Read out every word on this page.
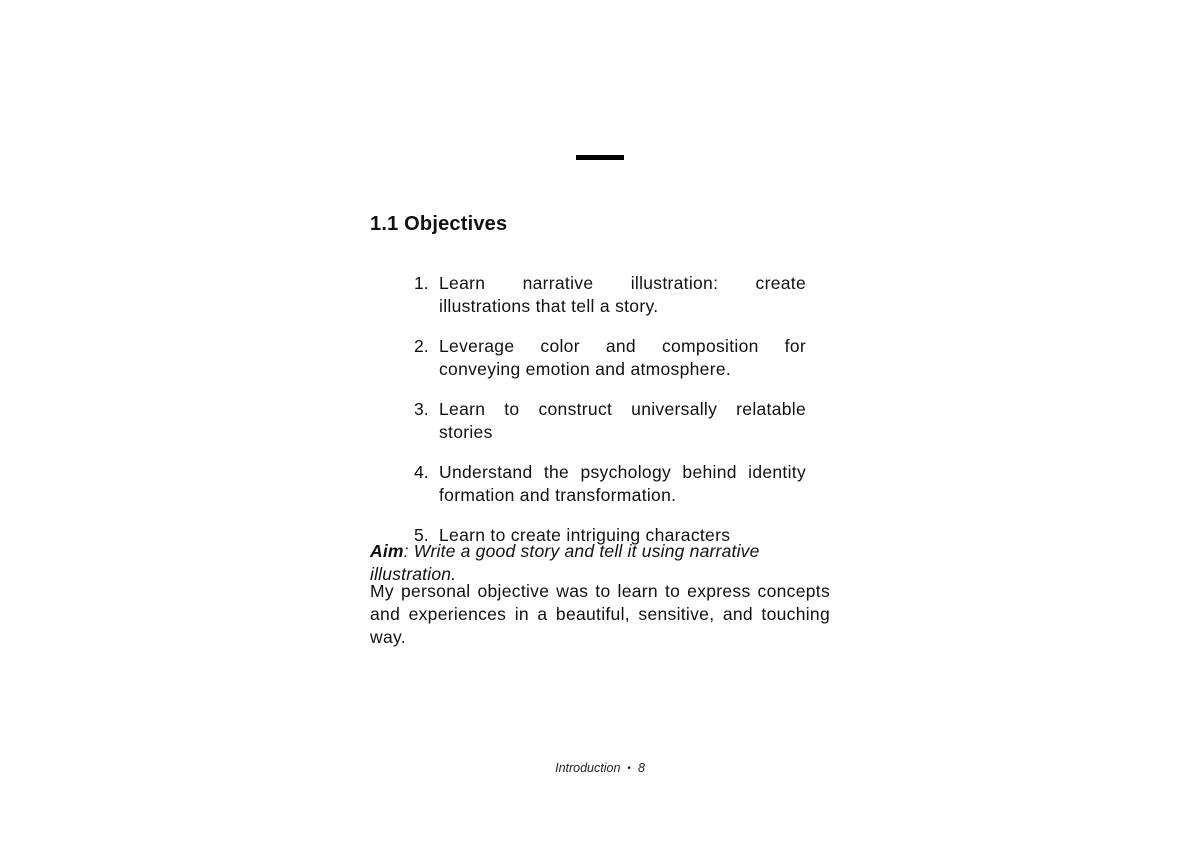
1.1 Objectives
1. Learn narrative illustration: create illustrations that tell a story.
2. Leverage color and composition for conveying emotion and atmosphere.
3. Learn to construct universally relatable stories
4. Understand the psychology behind identity formation and transformation.
5. Learn to create intriguing characters

Aim: Write a good story and tell it using narrative illustration.

My personal objective was to learn to express concepts and experiences in a beautiful, sensitive, and touching way.

Introduction • 8
